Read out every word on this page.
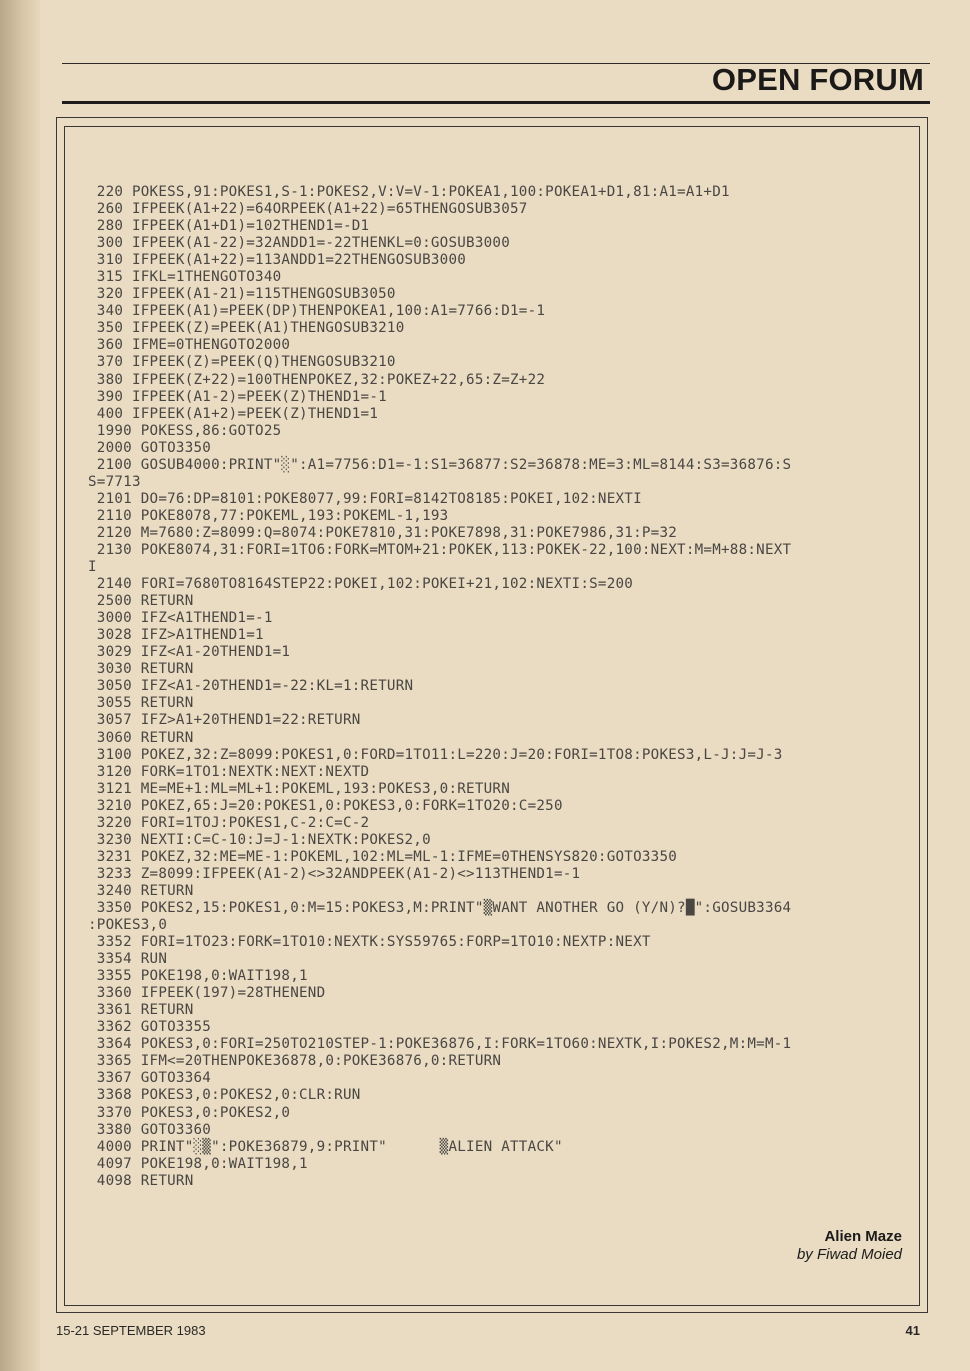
OPEN FORUM
220 POKESS,91:POKES1,S-1:POKES2,V:V=V-1:POKEA1,100:POKEA1+D1,81:A1=A1+D1
260 IFPEEK(A1+22)=64ORPEEK(A1+22)=65THENGOSUB3057
280 IFPEEK(A1+D1)=102THEND1=-D1
300 IFPEEK(A1-22)=32ANDD1=-22THENKL=0:GOSUB3000
310 IFPEEK(A1+22)=113ANDD1=22THENGOSUB3000
315 IFKL=1THENGOTO340
320 IFPEEK(A1-21)=115THENGOSUB3050
340 IFPEEK(A1)=PEEK(DP)THENPOKEA1,100:A1=7766:D1=-1
350 IFPEEK(Z)=PEEK(A1)THENGOSUB3210
360 IFME=0THENGOTO2000
370 IFPEEK(Z)=PEEK(Q)THENGOSUB3210
380 IFPEEK(Z+22)=100THENPOKEZ,32:POKEZ+22,65:Z=Z+22
390 IFPEEK(A1-2)=PEEK(Z)THEND1=-1
400 IFPEEK(A1+2)=PEEK(Z)THEND1=1
1990 POKESS,86:GOTO25
2000 GOTO3350
2100 GOSUB4000:PRINT"░":A1=7756:D1=-1:S1=36877:S2=36878:ME=3:ML=8144:S3=36876:S
S=7713
2101 DO=76:DP=8101:POKE8077,99:FORI=8142TO8185:POKEI,102:NEXTI
2110 POKE8078,77:POKEML,193:POKEML-1,193
2120 M=7680:Z=8099:Q=8074:POKE7810,31:POKE7898,31:POKE7986,31:P=32
2130 POKE8074,31:FORI=1TO6:FORK=MTOM+21:POKEK,113:POKEK-22,100:NEXT:M=M+88:NEXT
I
2140 FORI=7680TO8164STEP22:POKEI,102:POKEI+21,102:NEXTI:S=200
2500 RETURN
3000 IFZ<A1THEND1=-1
3028 IFZ>A1THEND1=1
3029 IFZ<A1-20THEND1=1
3030 RETURN
3050 IFZ<A1-20THEND1=-22:KL=1:RETURN
3055 RETURN
3057 IFZ>A1+20THEND1=22:RETURN
3060 RETURN
3100 POKEZ,32:Z=8099:POKES1,0:FORD=1TO11:L=220:J=20:FORI=1TO8:POKES3,L-J:J=J-3
3120 FORK=1TO1:NEXTK:NEXT:NEXTD
3121 ME=ME+1:ML=ML+1:POKEML,193:POKES3,0:RETURN
3210 POKEZ,65:J=20:POKES1,0:POKES3,0:FORK=1TO20:C=250
3220 FORI=1TOJ:POKES1,C-2:C=C-2
3230 NEXTI:C=C-10:J=J-1:NEXTK:POKES2,0
3231 POKEZ,32:ME=ME-1:POKEML,102:ML=ML-1:IFME=0THENSYS820:GOTO3350
3233 Z=8099:IFPEEK(A1-2)<>32ANDPEEK(A1-2)<>113THEND1=-1
3240 RETURN
3350 POKES2,15:POKES1,0:M=15:POKES3,M:PRINT"▒WANT ANOTHER GO (Y/N)?█":GOSUB3364
:POKES3,0
3352 FORI=1TO23:FORK=1TO10:NEXTK:SYS59765:FORP=1TO10:NEXTP:NEXT
3354 RUN
3355 POKE198,0:WAIT198,1
3360 IFPEEK(197)=28THENEND
3361 RETURN
3362 GOTO3355
3364 POKES3,0:FORI=250TO210STEP-1:POKE36876,I:FORK=1TO60:NEXTK,I:POKES2,M:M=M-1
3365 IFM<=20THENPOKE36878,0:POKE36876,0:RETURN
3367 GOTO3364
3368 POKES3,0:POKES2,0:CLR:RUN
3370 POKES3,0:POKES2,0
3380 GOTO3360
4000 PRINT"░▒":POKE36879,9:PRINT"      ▒ALIEN ATTACK"
4097 POKE198,0:WAIT198,1
4098 RETURN
Alien Maze
by Fiwad Moied
15-21 SEPTEMBER 1983	41
